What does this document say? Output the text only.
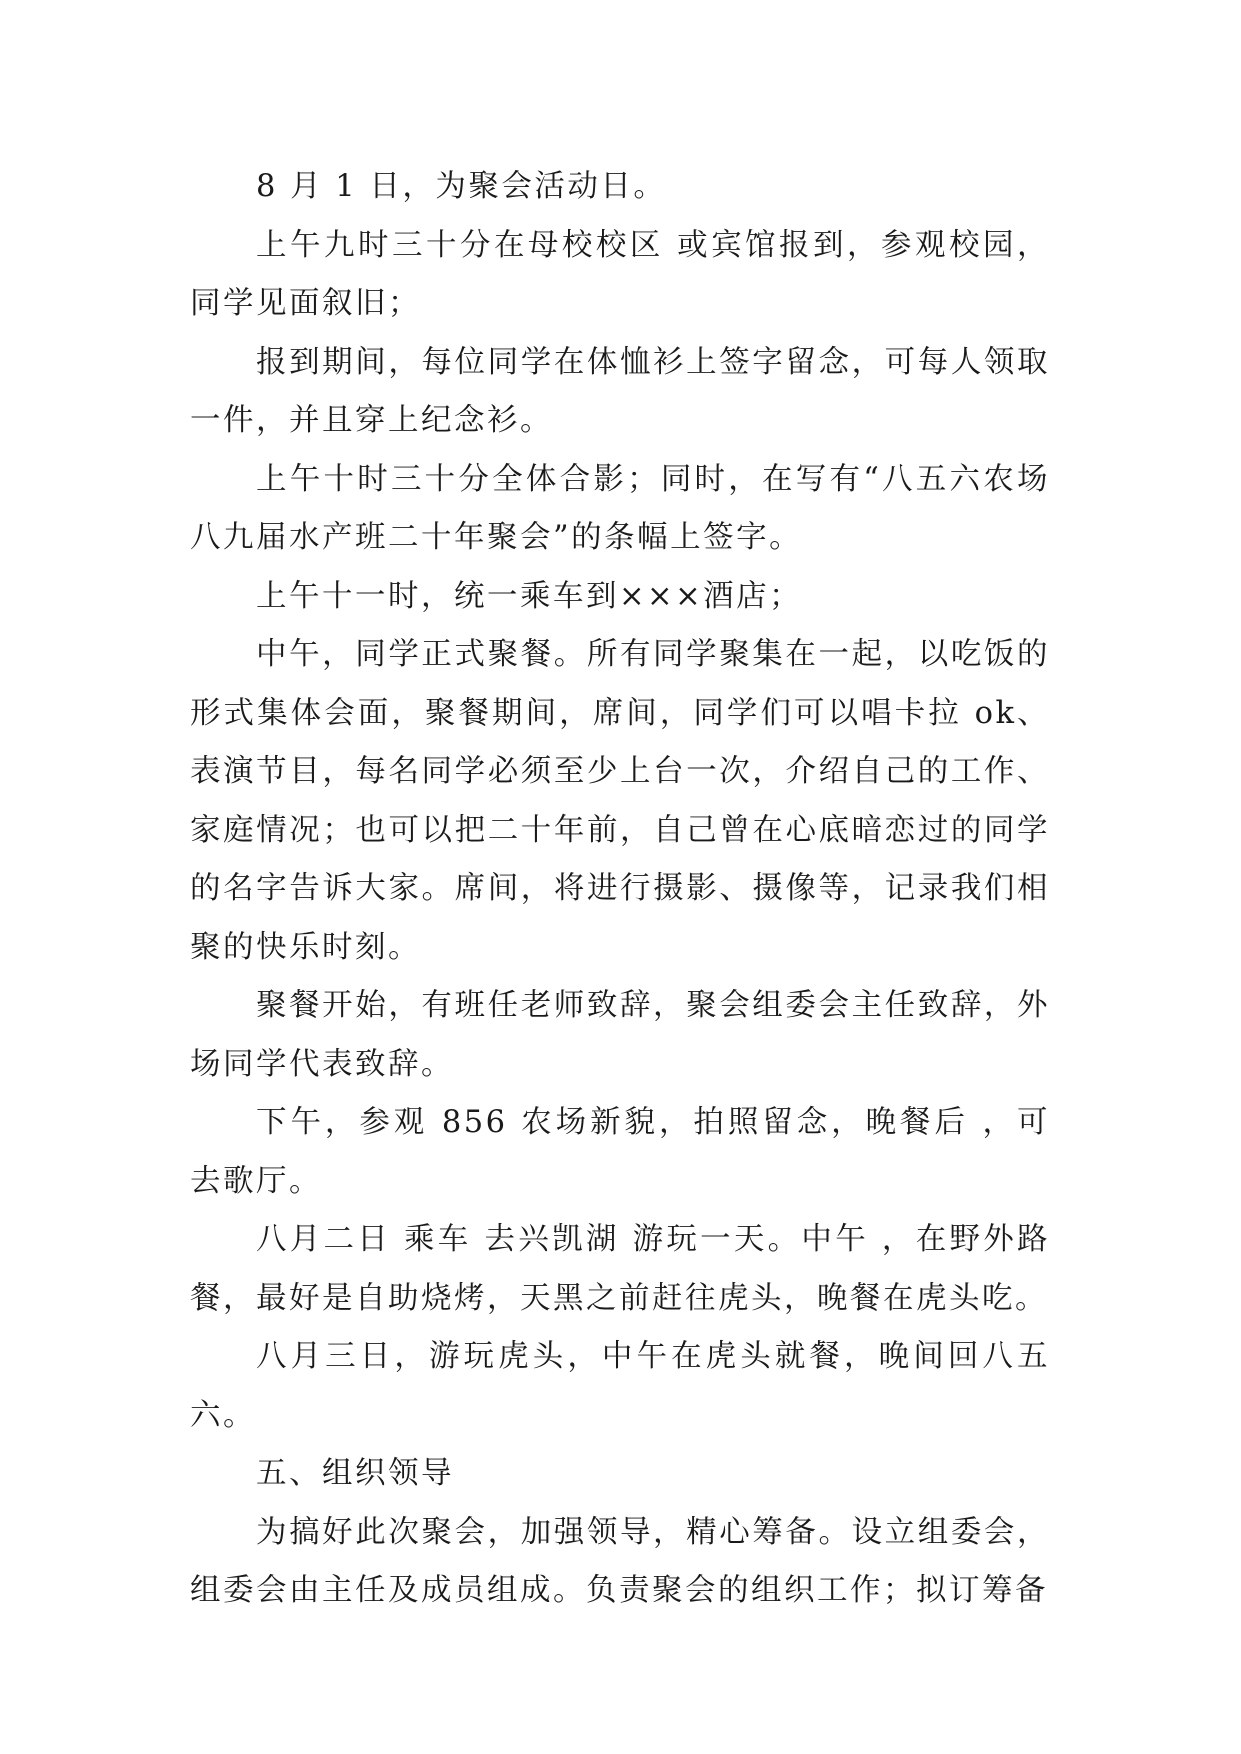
8 月 1 日，为聚会活动日。

上午九时三十分在母校校区 或宾馆报到，参观校园，同学见面叙旧；

报到期间，每位同学在体恤衫上签字留念，可每人领取一件，并且穿上纪念衫。

上午十时三十分全体合影；同时，在写有“八五六农场八九届水产班二十年聚会”的条幅上签字。

上午十一时，统一乘车到×××酒店；

中午，同学正式聚餐。所有同学聚集在一起，以吃饭的形式集体会面，聚餐期间，席间，同学们可以唱卡拉 ok、表演节目，每名同学必须至少上台一次，介绍自己的工作、家庭情况；也可以把二十年前，自己曾在心底暗恋过的同学的名字告诉大家。席间，将进行摄影、摄像等，记录我们相聚的快乐时刻。

聚餐开始，有班任老师致辞，聚会组委会主任致辞，外场同学代表致辞。

下午，参观 856 农场新貌，拍照留念，晚餐后 ，可去歌厅。

八月二日 乘车 去兴凯湖 游玩一天。中午 ，在野外路餐，最好是自助烧烤，天黑之前赶往虎头，晚餐在虎头吃。

八月三日，游玩虎头，中午在虎头就餐，晚间回八五六。

五、组织领导

为搞好此次聚会，加强领导，精心筹备。设立组委会，组委会由主任及成员组成。负责聚会的组织工作；拟订筹备
